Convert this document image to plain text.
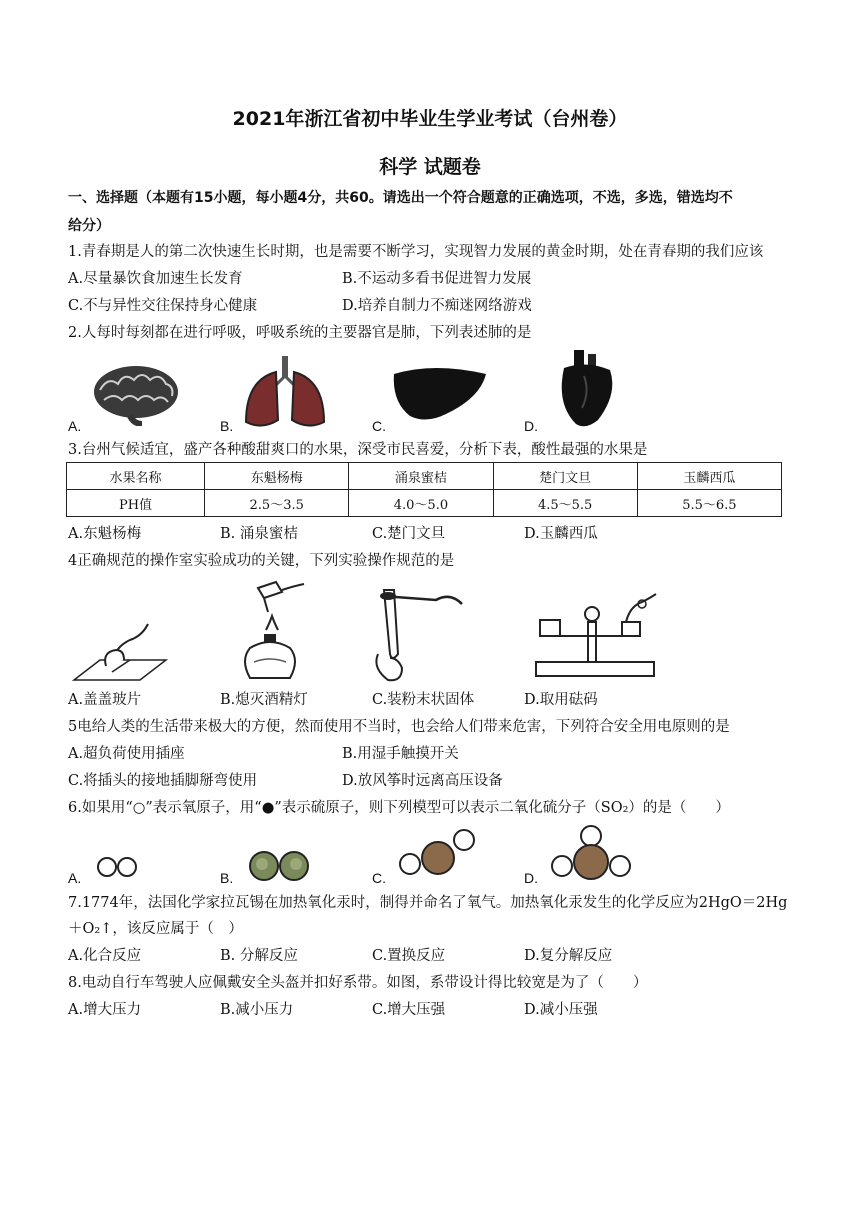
2021年浙江省初中毕业生学业考试（台州卷）
科学 试题卷
一、选择题（本题有15小题，每小题4分，共60。请选出一个符合题意的正确选项，不选，多选，错选均不
给分）
1.青春期是人的第二次快速生长时期，也是需要不断学习，实现智力发展的黄金时期，处在青春期的我们应该
A.尽量暴饮食加速生长发育	B.不运动多看书促进智力发展
C.不与异性交往保持身心健康	D.培养自制力不痴迷网络游戏
2.人每时每刻都在进行呼吸，呼吸系统的主要器官是肺，下列表述肺的是
A.	B.	C.	D.
3.台州气候适宜，盛产各种酸甜爽口的水果，深受市民喜爱，分析下表，酸性最强的水果是
水果名称	东魁杨梅	涌泉蜜桔	楚门文旦	玉麟西瓜
PH值	2.5～3.5	4.0～5.0	4.5～5.5	5.5～6.5
A.东魁杨梅	B. 涌泉蜜桔	C.楚门文旦	D.玉麟西瓜
4正确规范的操作室实验成功的关键，下列实验操作规范的是
A.盖盖玻片	B.熄灭酒精灯	C.装粉末状固体	D.取用砝码
5电给人类的生活带来极大的方便，然而使用不当时，也会给人们带来危害，下列符合安全用电原则的是
A.超负荷使用插座	B.用湿手触摸开关
C.将插头的接地插脚掰弯使用	D.放风筝时远离高压设备
6.如果用“○”表示氧原子，用“●”表示硫原子，则下列模型可以表示二氧化硫分子（SO₂）的是（　　）
A.	B.	C.	D.
7.1774年，法国化学家拉瓦锡在加热氧化汞时，制得并命名了氧气。加热氧化汞发生的化学反应为2HgO＝2Hg
＋O₂↑，该反应属于（　）
A.化合反应	B. 分解反应	C.置换反应	D.复分解反应
8.电动自行车驾驶人应佩戴安全头盔并扣好系带。如图，系带设计得比较宽是为了（　　）
A.增大压力	B.减小压力	C.增大压强	D.减小压强
